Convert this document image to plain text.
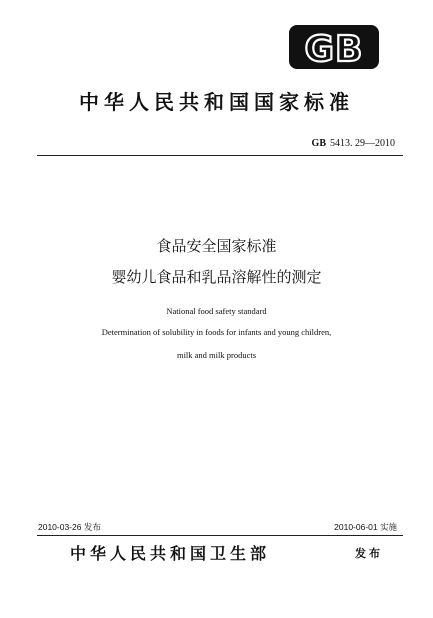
GB
中华人民共和国国家标准
GB 5413. 29—2010
食品安全国家标准
婴幼儿食品和乳品溶解性的测定
National food safety standard
Determination of solubility in foods for infants and young children,
milk and milk products
2010-03-26 发布	2010-06-01 实施
中华人民共和国卫生部	发布
